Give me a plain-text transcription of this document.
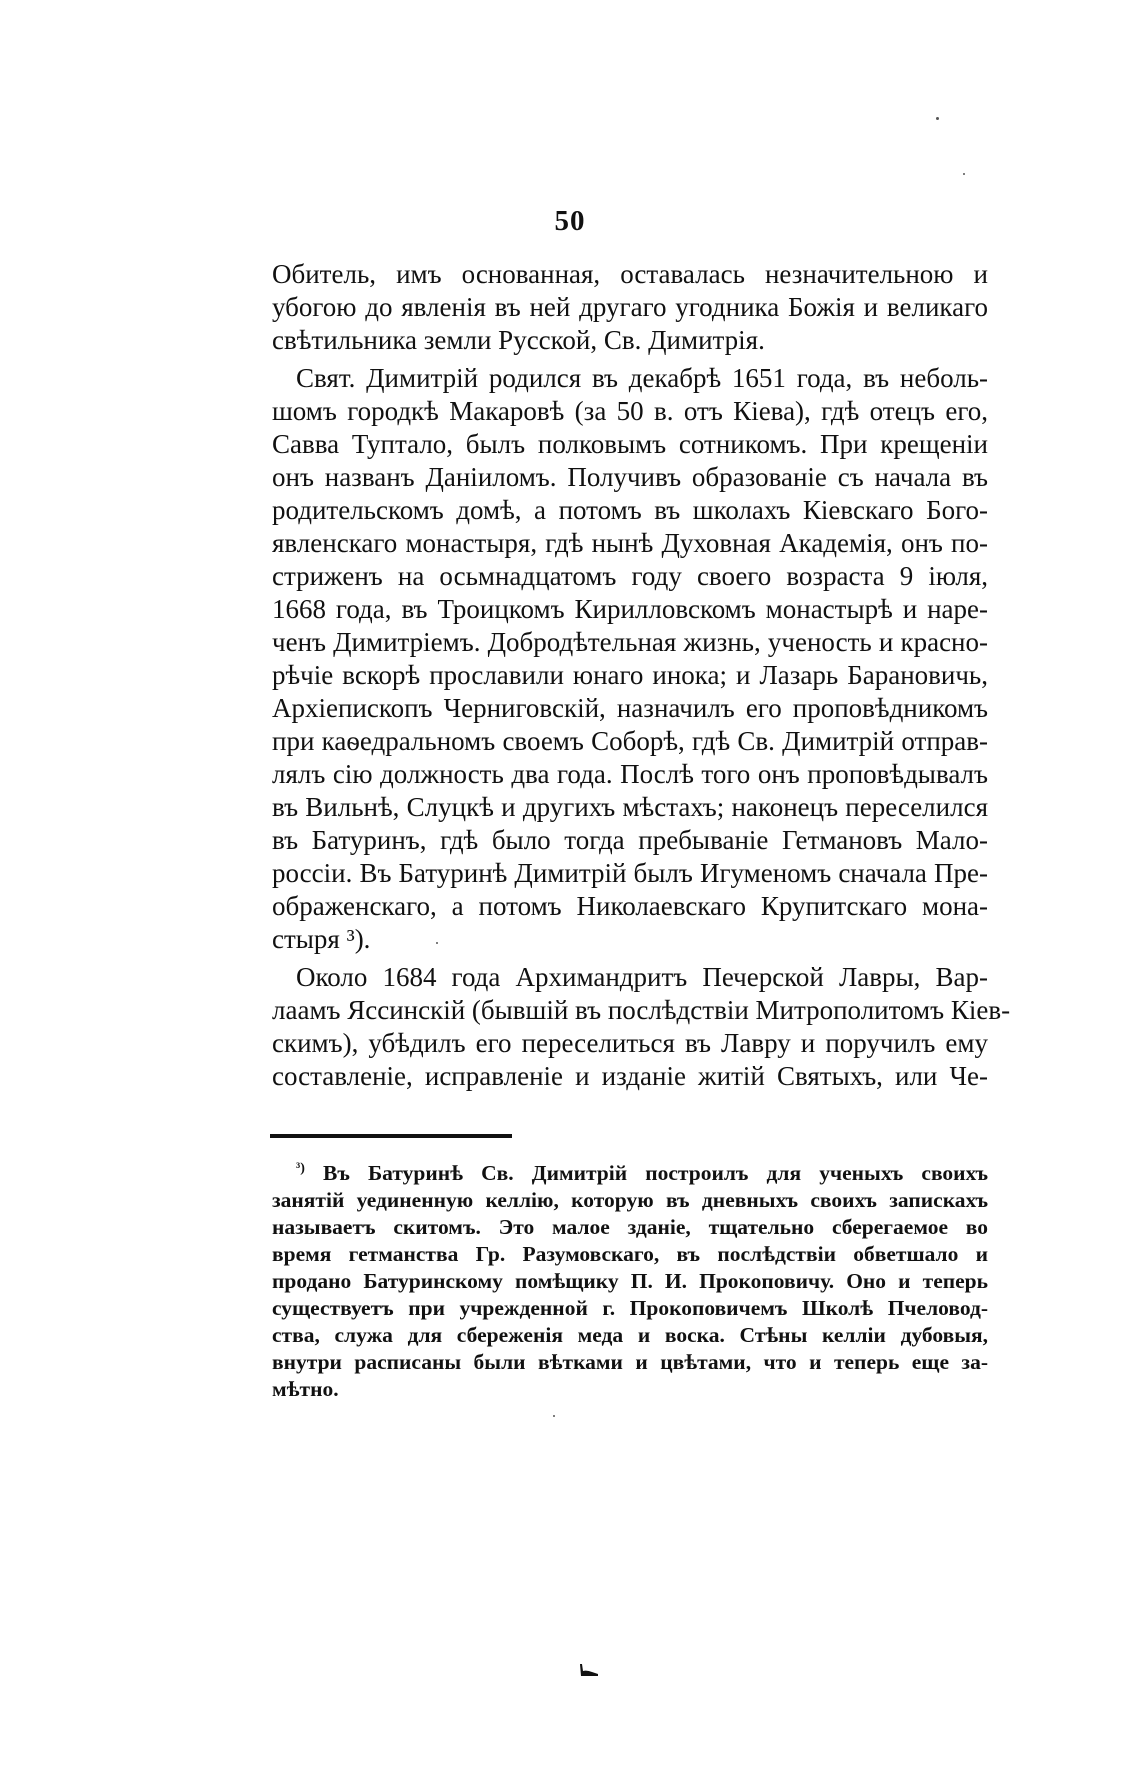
50
Обитель, имъ основанная, оставалась незначительною и
убогою до явленія въ ней другаго угодника Божія и великаго
свѣтильника земли Русской, Св. Димитрія.
Свят. Димитрій родился въ декабрѣ 1651 года, въ неболь-
шомъ городкѣ Макаровѣ (за 50 в. отъ Кіева), гдѣ отецъ его,
Савва Туптало, былъ полковымъ сотникомъ. При крещеніи
онъ названъ Даніиломъ. Получивъ образованіе съ начала въ
родительскомъ домѣ, а потомъ въ школахъ Кіевскаго Бого-
явленскаго монастыря, гдѣ нынѣ Духовная Академія, онъ по-
стриженъ на осьмнадцатомъ году своего возраста 9 іюля,
1668 года, въ Троицкомъ Кирилловскомъ монастырѣ и наре-
ченъ Димитріемъ. Добродѣтельная жизнь, ученость и красно-
рѣчіе вскорѣ прославили юнаго инока; и Лазарь Барановичь,
Архіепископъ Черниговскій, назначилъ его проповѣдникомъ
при каѳедральномъ своемъ Соборѣ, гдѣ Св. Димитрій отправ-
лялъ сію должность два года. Послѣ того онъ проповѣдывалъ
въ Вильнѣ, Слуцкѣ и другихъ мѣстахъ; наконецъ переселился
въ Батуринъ, гдѣ было тогда пребываніе Гетмановъ Мало-
россіи. Въ Батуринѣ Димитрій былъ Игуменомъ сначала Пре-
ображенскаго, а потомъ Николаевскаго Крупитскаго мона-
стыря ³).
Около 1684 года Архимандритъ Печерской Лавры, Вар-
лаамъ Яссинскій (бывшій въ послѣдствіи Митрополитомъ Кіев-
скимъ), убѣдилъ его переселиться въ Лавру и поручилъ ему
составленіе, исправленіе и изданіе житій Святыхъ, или Че-
$^{^3)}$ Въ Батуринѣ Св. Димитрій построилъ для ученыхъ своихъ
занятій уединенную келлію, которую въ дневныхъ своихъ запискахъ
называетъ скитомъ. Это малое зданіе, тщательно сберегаемое во
время гетманства Гр. Разумовскаго, въ послѣдствіи обветшало и
продано Батуринскому помѣщику П. И. Прокоповичу. Оно и теперь
существуетъ при учрежденной г. Прокоповичемъ Школѣ Пчеловод-
ства, служа для сбереженія меда и воска. Стѣны келліи дубовыя,
внутри расписаны были вѣтками и цвѣтами, что и теперь еще за-
мѣтно.
